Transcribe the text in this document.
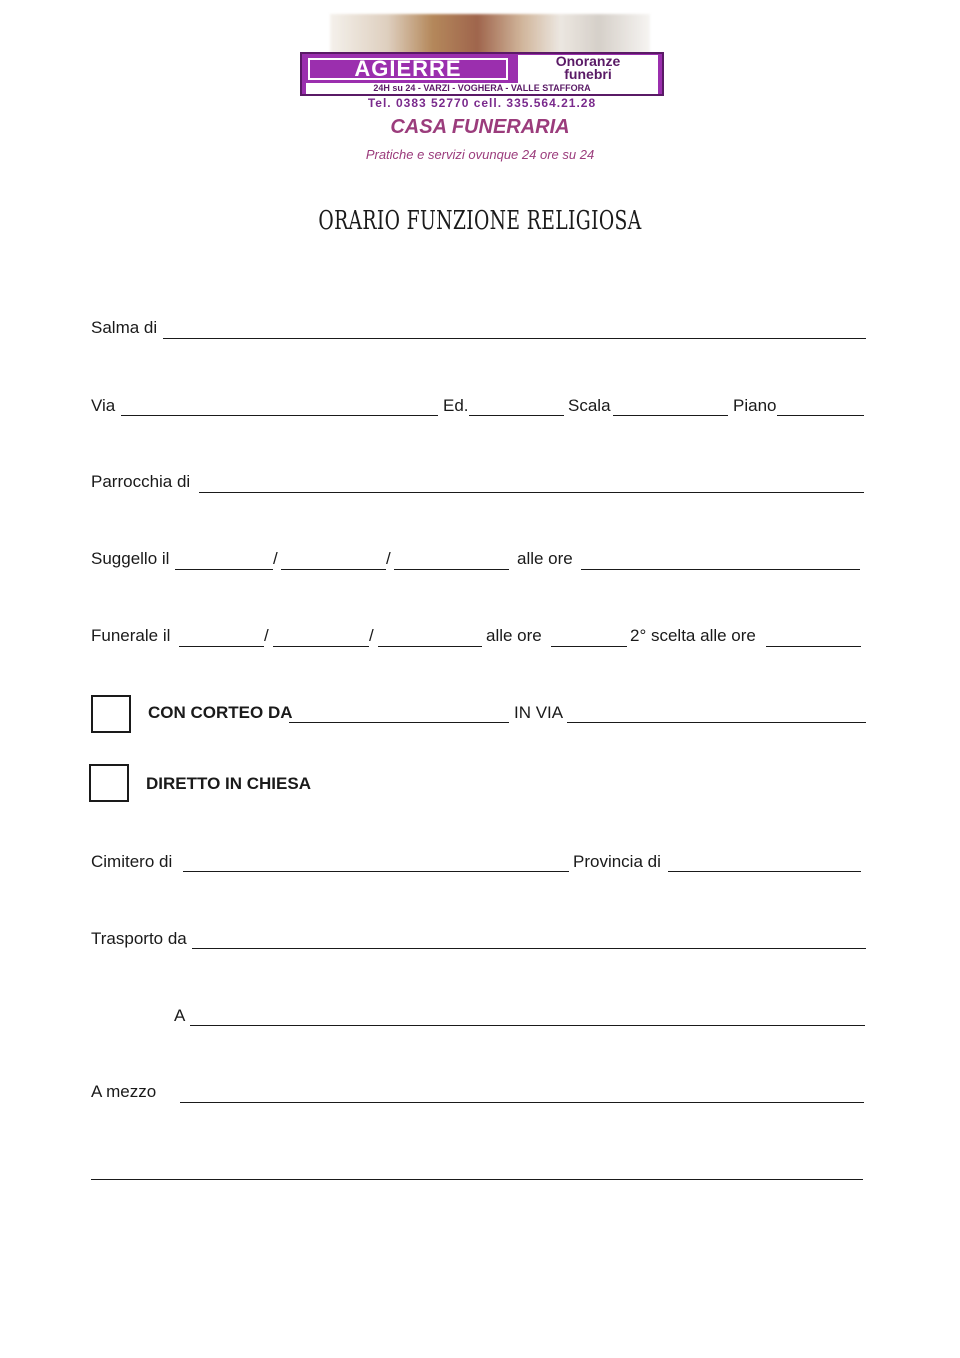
AGIERRE	Onoranze
funebri
24H su 24 - VARZI - VOGHERA - VALLE STAFFORA
Tel. 0383 52770 cell. 335.564.21.28
CASA FUNERARIA
Pratiche e servizi ovunque 24 ore su 24
ORARIO FUNZIONE RELIGIOSA
Salma di
Via	Ed.	Scala	Piano
Parrocchia di
Suggello il	/	/	alle ore
Funerale il	/	/	alle ore	2° scelta alle ore
CON CORTEO DA	IN VIA
DIRETTO IN CHIESA
Cimitero di	Provincia di
Trasporto da
A
A mezzo
